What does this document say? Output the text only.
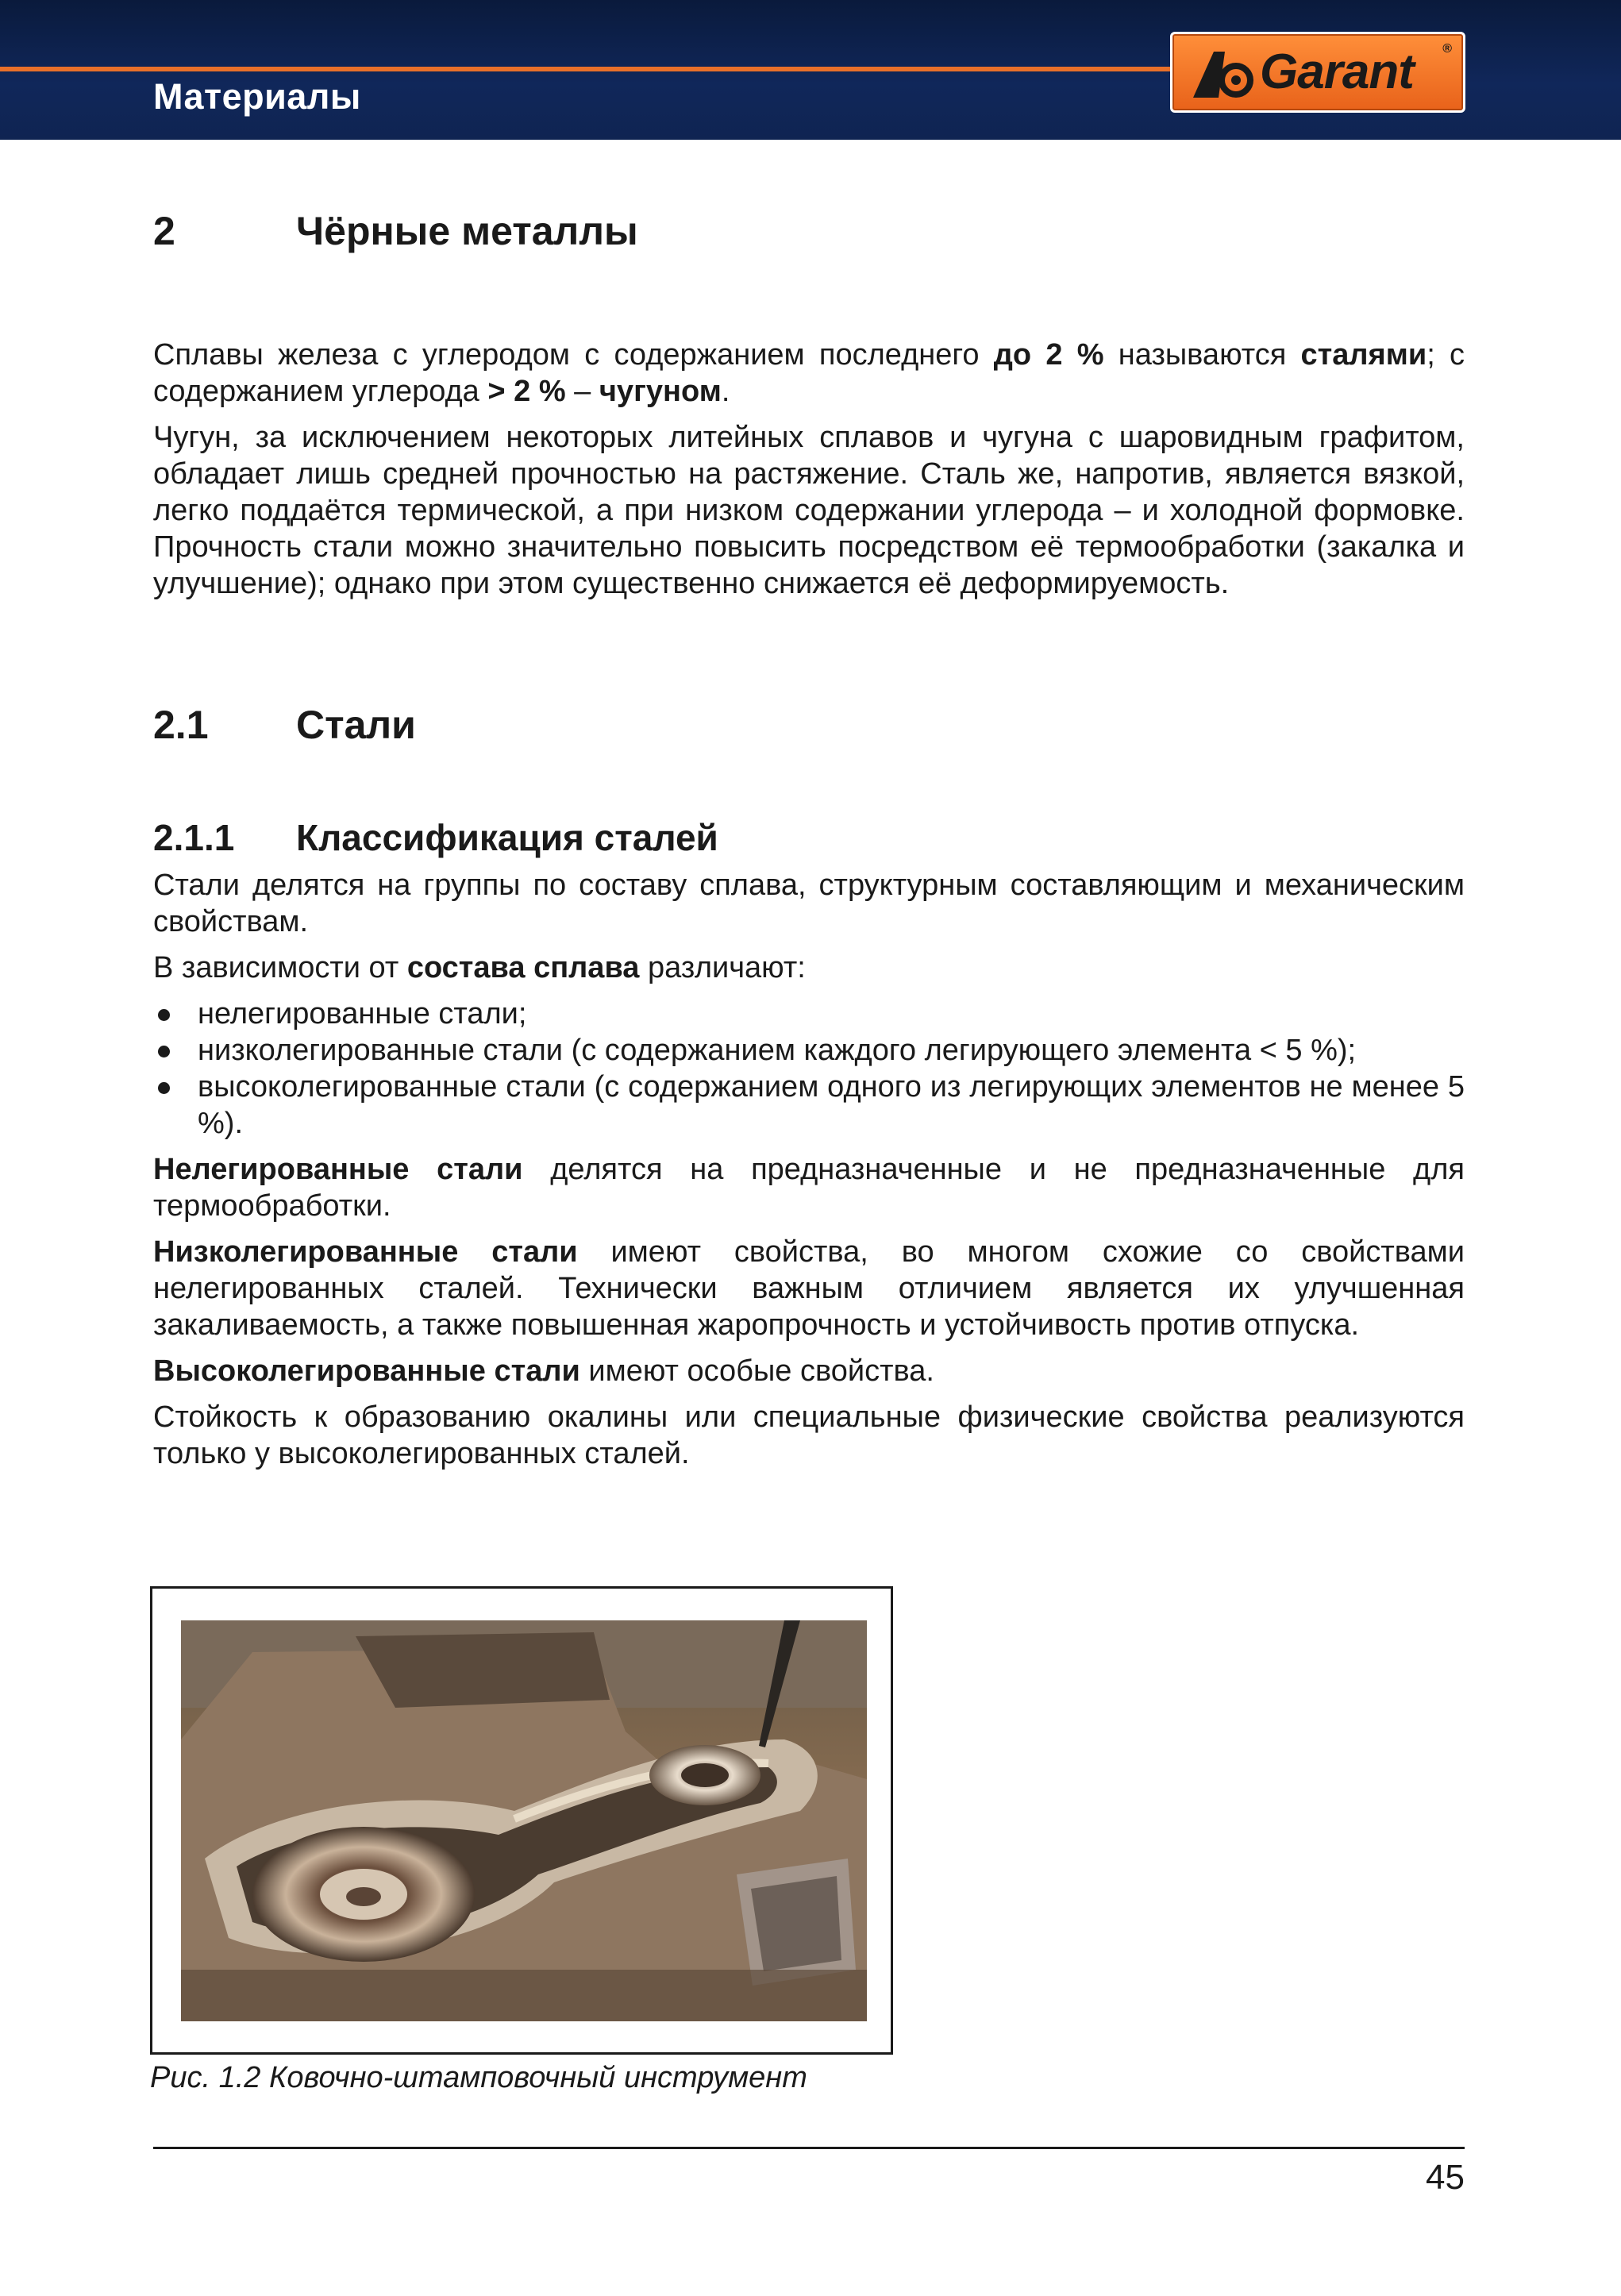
Материалы	Garant ®
2	Чёрные металлы

Сплавы железа с углеродом с содержанием последнего до 2 % называются сталями; с содержанием углерода > 2 % – чугуном.

Чугун, за исключением некоторых литейных сплавов и чугуна с шаровидным графитом, обладает лишь средней прочностью на растяжение. Сталь же, напротив, является вязкой, легко поддаётся термической, а при низком содержании углерода – и холодной формовке. Прочность стали можно значительно повысить посредством её термообработки (закалка и улучшение); однако при этом существенно снижается её деформируемость.

2.1 Стали
2.1.1 Классификация сталей

Стали делятся на группы по составу сплава, структурным составляющим и механическим свойствам.

В зависимости от состава сплава различают:

нелегированные стали;
низколегированные стали (с содержанием каждого легирующего элемента < 5 %);
высоколегированные стали (с содержанием одного из легирующих элементов не менее 5 %).

Нелегированные стали делятся на предназначенные и не предназначенные для термообработки.

Низколегированные стали имеют свойства, во многом схожие со свойствами нелегированных сталей. Технически важным отличием является их улучшенная закаливаемость, а также повышенная жаропрочность и устойчивость против отпуска.

Высоколегированные стали имеют особые свойства.

Стойкость к образованию окалины или специальные физические свойства реализуются только у высоколегированных сталей.

Рис. 1.2 Ковочно-штамповочный инструмент
45
